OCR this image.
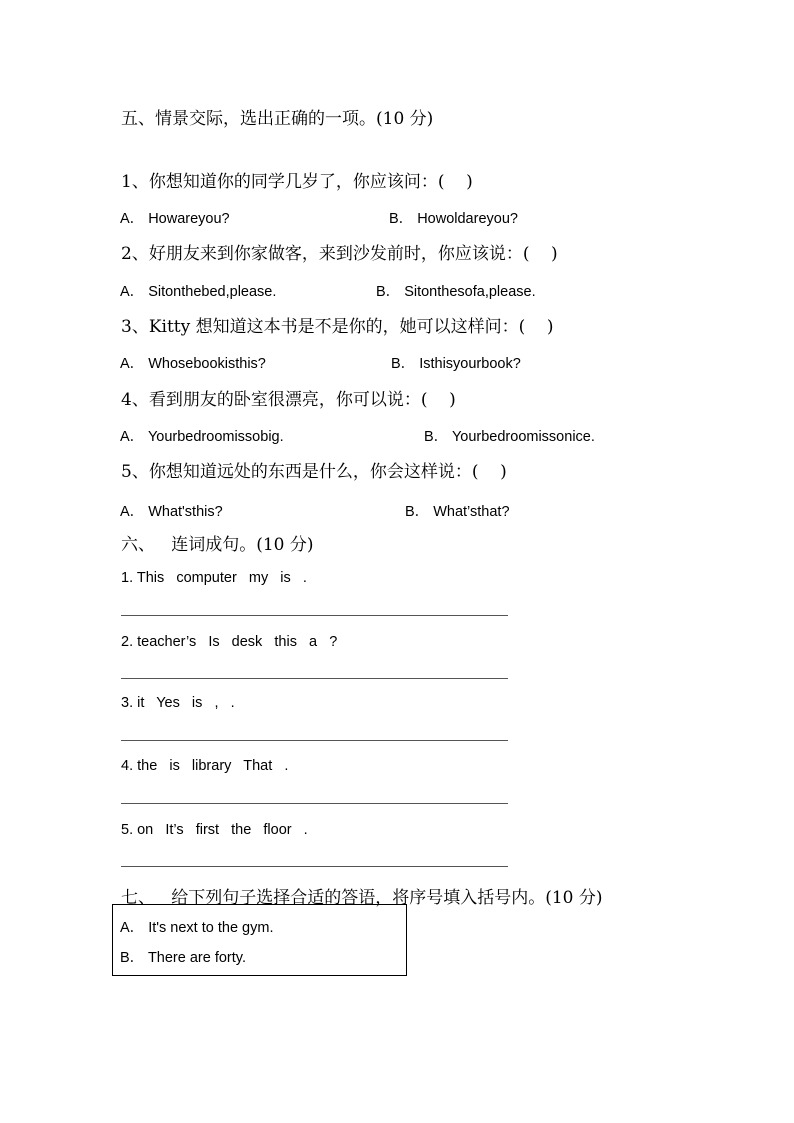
五、情景交际，选出正确的一项。(10 分)
1、你想知道你的同学几岁了，你应该问：(    )
A． Howareyou?	B． Howoldareyou?
2、好朋友来到你家做客，来到沙发前时，你应该说：(    )
A． Sitonthebed,please.	B． Sitonthesofa,please.
3、Kitty 想知道这本书是不是你的，她可以这样问：(    )
A． Whosebookisthis?	B． Isthisyourbook?
4、看到朋友的卧室很漂亮，你可以说：(    )
A． Yourbedroomissobig.	B． Yourbedroomissonice.
5、你想知道远处的东西是什么，你会这样说：(    )
A． What'sthis?	B． What’sthat?
六、   连词成句。(10 分)
1. This   computer   my   is   .
2. teacher’s   Is   desk   this   a   ?
3. it   Yes   is   ,   .
4. the   is   library   That   .
5. on   It’s   first   the   floor   .
七、   给下列句子选择合适的答语，将序号填入括号内。(10 分)
A． It's next to the gym.
B． There are forty.
